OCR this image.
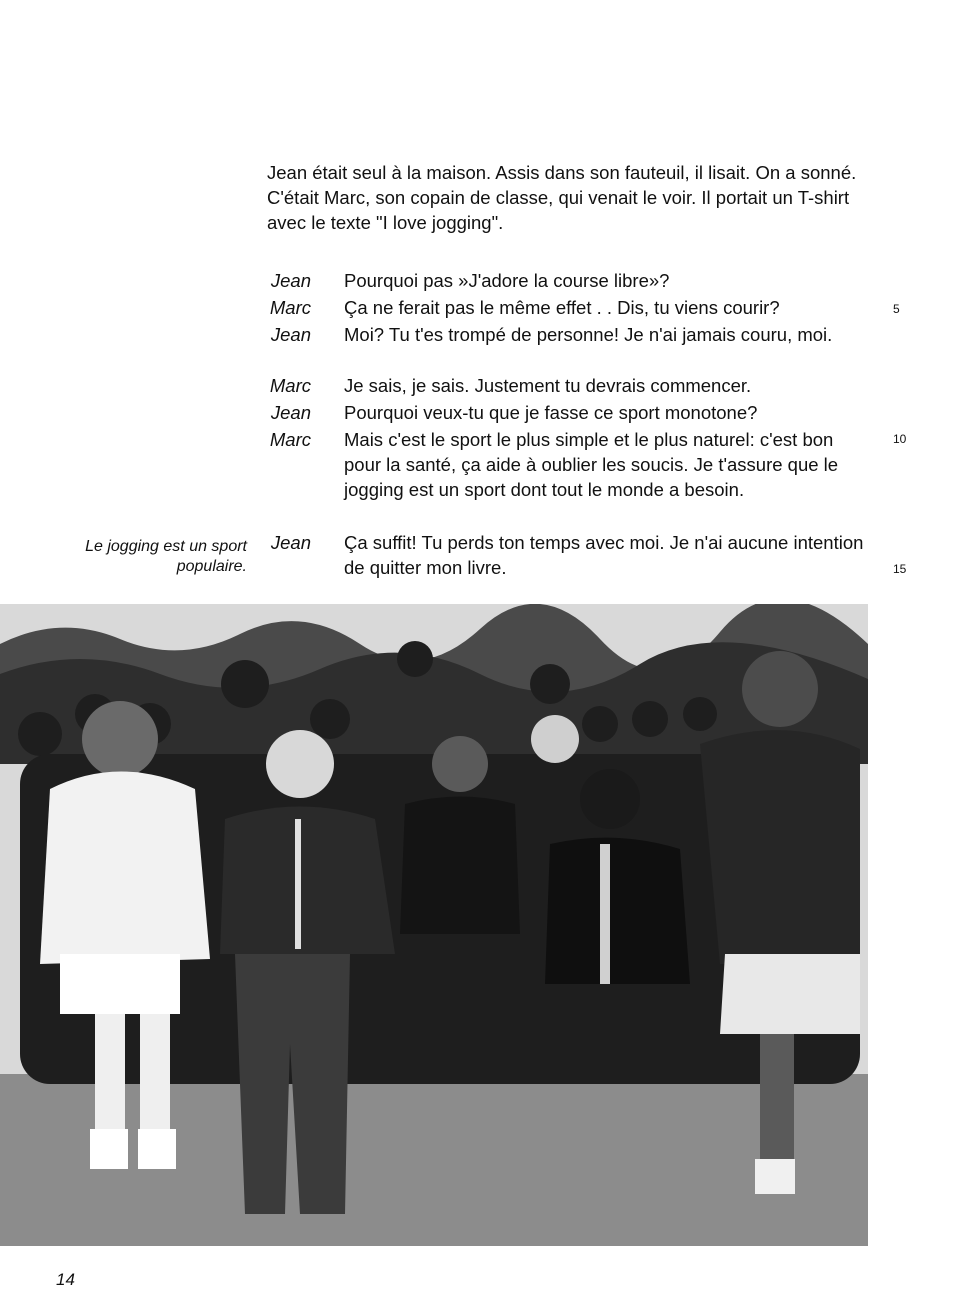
Jean était seul à la maison. Assis dans son fauteuil, il lisait. On a sonné. C'était Marc, son copain de classe, qui venait le voir. Il portait un T-shirt avec le texte "I love jogging".

Jean Pourquoi pas »J'adore la course libre»?
Marc Ça ne ferait pas le même effet . . Dis, tu viens courir?
Jean Moi? Tu t'es trompé de personne! Je n'ai jamais couru, moi.
Marc Je sais, je sais. Justement tu devrais commencer.
Jean Pourquoi veux-tu que je fasse ce sport monotone?
Marc Mais c'est le sport le plus simple et le plus naturel: c'est bon pour la santé, ça aide à oublier les soucis. Je t'assure que le jogging est un sport dont tout le monde a besoin.
Jean Ça suffit! Tu perds ton temps avec moi. Je n'ai aucune intention de quitter mon livre.
5
10
15
Le jogging est un sport populaire.
14
